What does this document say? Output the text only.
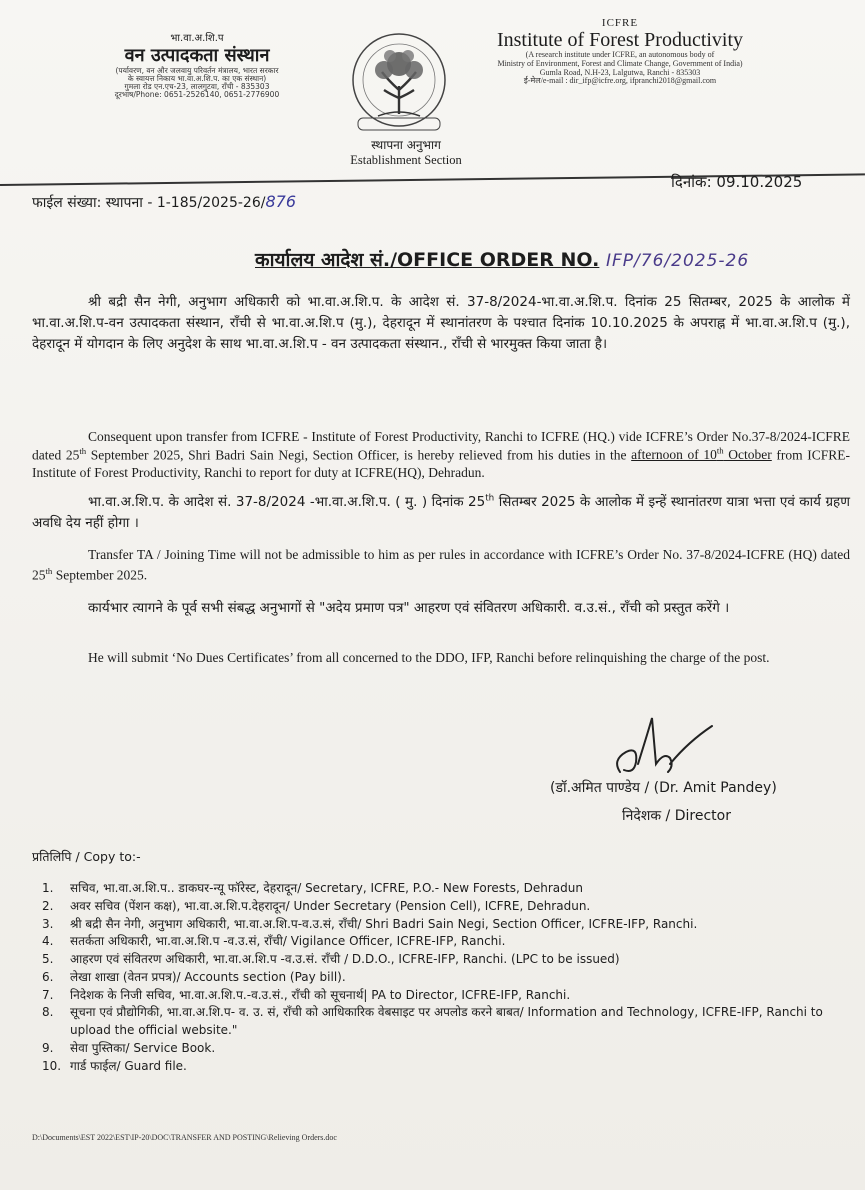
भा.वा.अ.शि.प
वन उत्पादकता संस्थान
(पर्यावरण, वन और जलवायु परिवर्तन मंत्रालय, भारत सरकार
के स्वायत्त निकाय भा.वा.अ.शि.प. का एक संस्थान)
गुमला रोड एन.एच-23, लालगुटवा, राँची - 835303
दूरभाष/Phone: 0651-2526140, 0651-2776900
ICFRE
Institute of Forest Productivity
(A research institute under ICFRE, an autonomous body of
Ministry of Environment, Forest and Climate Change, Government of India)
Gumla Road, N.H-23, Lalgutwa, Ranchi - 835303
ई-मेल/e-mail : dir_ifp@icfre.org, ifpranchi2018@gmail.com
स्थापना अनुभाग
Establishment Section
दिनांक: 09.10.2025
फाईल संख्या: स्थापना - 1-185/2025-26/876
कार्यालय आदेश सं./OFFICE ORDER NO. IFP/76/2025-26
श्री बद्री सैन नेगी, अनुभाग अधिकारी को भा.वा.अ.शि.प. के आदेश सं. 37-8/2024-भा.वा.अ.शि.प. दिनांक 25 सितम्बर, 2025 के आलोक में भा.वा.अ.शि.प-वन उत्पादकता संस्थान, राँची से भा.वा.अ.शि.प (मु.), देहरादून में स्थानांतरण के पश्चात दिनांक 10.10.2025 के अपराह्न में भा.वा.अ.शि.प (मु.), देहरादून में योगदान के लिए अनुदेश के साथ भा.वा.अ.शि.प - वन उत्पादकता संस्थान., राँची से भारमुक्त किया जाता है।
Consequent upon transfer from ICFRE - Institute of Forest Productivity, Ranchi to ICFRE (HQ.) vide ICFRE’s Order No.37-8/2024-ICFRE dated 25th September 2025, Shri Badri Sain Negi, Section Officer, is hereby relieved from his duties in the afternoon of 10th October from ICFRE-Institute of Forest Productivity, Ranchi to report for duty at ICFRE(HQ), Dehradun.
भा.वा.अ.शि.प. के आदेश सं. 37-8/2024 -भा.वा.अ.शि.प. ( मु. ) दिनांक 25th सितम्बर 2025 के आलोक में इन्हें स्थानांतरण यात्रा भत्ता एवं कार्य ग्रहण अवधि देय नहीं होगा ।
Transfer TA / Joining Time will not be admissible to him as per rules in accordance with ICFRE’s Order No. 37-8/2024-ICFRE (HQ) dated 25th September 2025.
कार्यभार त्यागने के पूर्व सभी संबद्ध अनुभागों से "अदेय प्रमाण पत्र" आहरण एवं संवितरण अधिकारी. व.उ.सं., राँची को प्रस्तुत करेंगे ।
He will submit ‘No Dues Certificates’ from all concerned to the DDO, IFP, Ranchi before relinquishing the charge of the post.
(डॉ.अमित पाण्डेय / (Dr. Amit Pandey)
निदेशक / Director
प्रतिलिपि / Copy to:-
1.	सचिव, भा.वा.अ.शि.प.. डाकघर-न्यू फॉरेस्ट, देहरादून/ Secretary, ICFRE, P.O.- New Forests, Dehradun
2.	अवर सचिव (पेंशन कक्ष), भा.वा.अ.शि.प.देहरादून/ Under Secretary (Pension Cell), ICFRE, Dehradun.
3.	श्री बद्री सैन नेगी, अनुभाग अधिकारी, भा.वा.अ.शि.प-व.उ.सं, राँची/ Shri Badri Sain Negi, Section Officer, ICFRE-IFP, Ranchi.
4.	सतर्कता अधिकारी, भा.वा.अ.शि.प -व.उ.सं, राँची/ Vigilance Officer, ICFRE-IFP, Ranchi.
5.	आहरण एवं संवितरण अधिकारी, भा.वा.अ.शि.प -व.उ.सं. राँची / D.D.O., ICFRE-IFP, Ranchi. (LPC to be issued)
6.	लेखा शाखा (वेतन प्रपत्र)/ Accounts section (Pay bill).
7.	निदेशक के निजी सचिव, भा.वा.अ.शि.प.-व.उ.सं., राँची को सूचनार्थ| PA to Director, ICFRE-IFP, Ranchi.
8.	सूचना एवं प्रौद्योगिकी, भा.वा.अ.शि.प- व. उ. सं, राँची को आधिकारिक वेबसाइट पर अपलोड करने बाबत/ Information and Technology, ICFRE-IFP, Ranchi to upload the official website."
9.	सेवा पुस्तिका/ Service Book.
10. गार्ड फाईल/ Guard file.
D:\Documents\EST 2022\EST\IP-20\DOC\TRANSFER AND POSTING\Relieving Orders.doc
